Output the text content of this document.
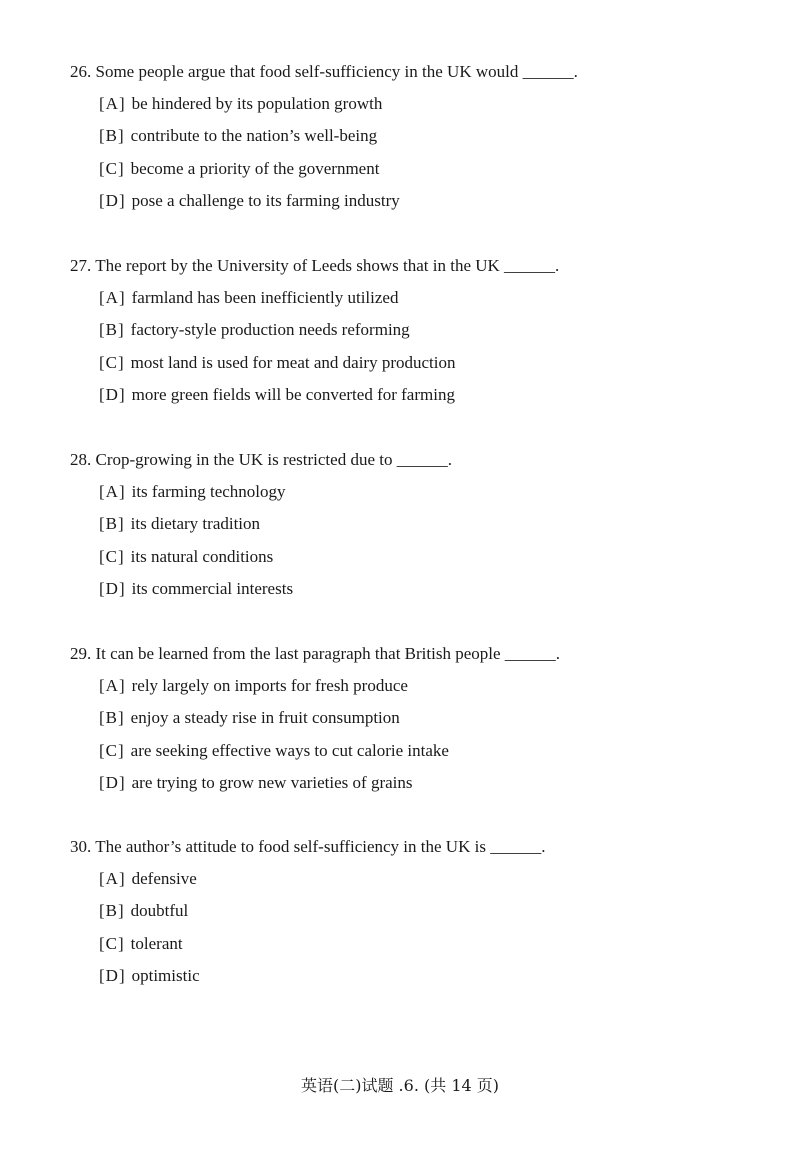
26. Some people argue that food self-sufficiency in the UK would ______.
[A] be hindered by its population growth
[B] contribute to the nation’s well-being
[C] become a priority of the government
[D] pose a challenge to its farming industry
27. The report by the University of Leeds shows that in the UK ______.
[A] farmland has been inefficiently utilized
[B] factory-style production needs reforming
[C] most land is used for meat and dairy production
[D] more green fields will be converted for farming
28. Crop-growing in the UK is restricted due to ______.
[A] its farming technology
[B] its dietary tradition
[C] its natural conditions
[D] its commercial interests
29. It can be learned from the last paragraph that British people ______.
[A] rely largely on imports for fresh produce
[B] enjoy a steady rise in fruit consumption
[C] are seeking effective ways to cut calorie intake
[D] are trying to grow new varieties of grains
30. The author’s attitude to food self-sufficiency in the UK is ______.
[A] defensive
[B] doubtful
[C] tolerant
[D] optimistic
英语(二)试题 .6. (共 14 页)
